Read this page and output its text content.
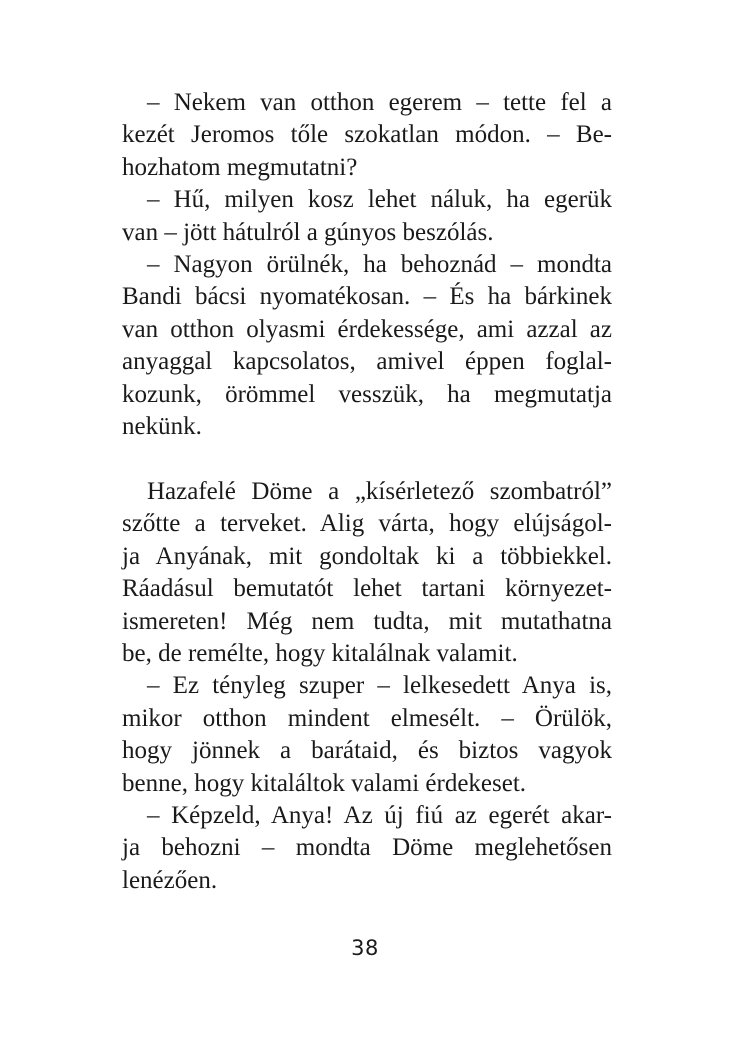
 – Nekem van otthon egerem – tette fel a
kezét Jeromos tőle szokatlan módon. – Be-
hozhatom megmutatni?
 – Hű, milyen kosz lehet náluk, ha egerük
van – jött hátulról a gúnyos beszólás.
 – Nagyon örülnék, ha behoznád – mondta
Bandi bácsi nyomatékosan. – És ha bárkinek
van otthon olyasmi érdekessége, ami azzal az
anyaggal kapcsolatos, amivel éppen foglal-
kozunk, örömmel vesszük, ha megmutatja
nekünk.
 Hazafelé Döme a „kísérletező szombatról”
szőtte a terveket. Alig várta, hogy elújságol-
ja Anyának, mit gondoltak ki a többiekkel.
Ráadásul bemutatót lehet tartani környezet-
ismereten! Még nem tudta, mit mutathatna
be, de remélte, hogy kitalálnak valamit.
 – Ez tényleg szuper – lelkesedett Anya is,
mikor otthon mindent elmesélt. – Örülök,
hogy jönnek a barátaid, és biztos vagyok
benne, hogy kitaláltok valami érdekeset.
 – Képzeld, Anya! Az új fiú az egerét akar-
ja behozni – mondta Döme meglehetősen
lenézően.
38
